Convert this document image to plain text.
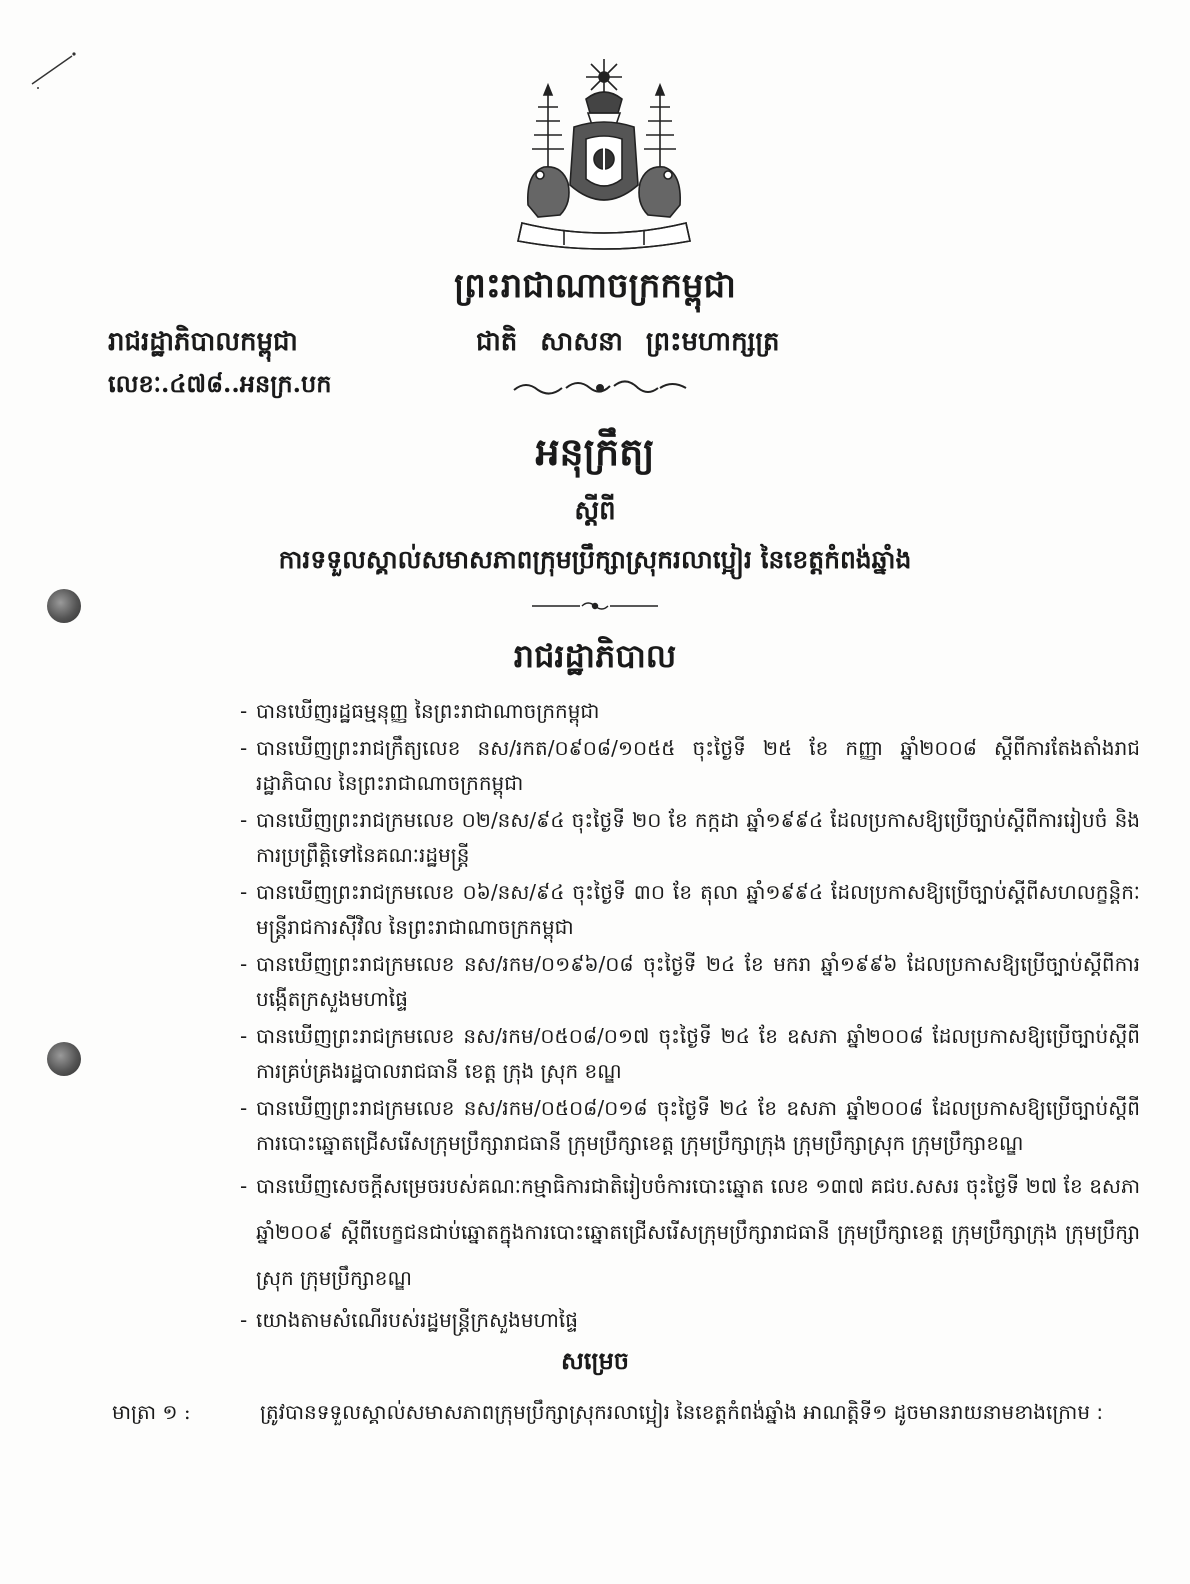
ព្រះរាជាណាចក្រកម្ពុជា
រាជរដ្ឋាភិបាលកម្ពុជា	ជាតិ សាសនា ព្រះមហាក្សត្រ
លេខៈ.៤៧៨..អនក្រ.បក
អនុក្រឹត្យ
ស្ដីពី
ការទទួលស្គាល់សមាសភាពក្រុមប្រឹក្សាស្រុករលាប្អៀរ នៃខេត្តកំពង់ឆ្នាំង
រាជរដ្ឋាភិបាល
- បានឃើញរដ្ឋធម្មនុញ្ញ នៃព្រះរាជាណាចក្រកម្ពុជា
- បានឃើញព្រះរាជក្រឹត្យលេខ នស/រកត/០៩០៨/១០៥៥ ចុះថ្ងៃទី ២៥ ខែ កញ្ញា ឆ្នាំ២០០៨ ស្ដីពីការតែងតាំងរាជរដ្ឋាភិបាល នៃព្រះរាជាណាចក្រកម្ពុជា
- បានឃើញព្រះរាជក្រមលេខ ០២/នស/៩៤ ចុះថ្ងៃទី ២០ ខែ កក្កដា ឆ្នាំ១៩៩៤ ដែលប្រកាសឱ្យប្រើច្បាប់ស្ដីពីការរៀបចំ និងការប្រព្រឹត្តិទៅនៃគណៈរដ្ឋមន្ត្រី
- បានឃើញព្រះរាជក្រមលេខ ០៦/នស/៩៤ ចុះថ្ងៃទី ៣០ ខែ តុលា ឆ្នាំ១៩៩៤ ដែលប្រកាសឱ្យប្រើច្បាប់ស្ដីពីសហលក្ខន្តិកៈមន្ត្រីរាជការស៊ីវិល នៃព្រះរាជាណាចក្រកម្ពុជា
- បានឃើញព្រះរាជក្រមលេខ នស/រកម/០១៩៦/០៨ ចុះថ្ងៃទី ២៤ ខែ មករា ឆ្នាំ១៩៩៦ ដែលប្រកាសឱ្យប្រើច្បាប់ស្ដីពីការបង្កើតក្រសួងមហាផ្ទៃ
- បានឃើញព្រះរាជក្រមលេខ នស/រកម/០៥០៨/០១៧ ចុះថ្ងៃទី ២៤ ខែ ឧសភា ឆ្នាំ២០០៨ ដែលប្រកាសឱ្យប្រើច្បាប់ស្ដីពីការគ្រប់គ្រងរដ្ឋបាលរាជធានី ខេត្ត ក្រុង ស្រុក ខណ្ឌ
- បានឃើញព្រះរាជក្រមលេខ នស/រកម/០៥០៨/០១៨ ចុះថ្ងៃទី ២៤ ខែ ឧសភា ឆ្នាំ២០០៨ ដែលប្រកាសឱ្យប្រើច្បាប់ស្ដីពីការបោះឆ្នោតជ្រើសរើសក្រុមប្រឹក្សារាជធានី ក្រុមប្រឹក្សាខេត្ត ក្រុមប្រឹក្សាក្រុង ក្រុមប្រឹក្សាស្រុក ក្រុមប្រឹក្សាខណ្ឌ
- បានឃើញសេចក្ដីសម្រេចរបស់គណៈកម្មាធិការជាតិរៀបចំការបោះឆ្នោត លេខ ១៣៧ គជប.សសរ ចុះថ្ងៃទី ២៧ ខែ ឧសភា ឆ្នាំ២០០៩ ស្ដីពីបេក្ខជនជាប់ឆ្នោតក្នុងការបោះឆ្នោតជ្រើសរើសក្រុមប្រឹក្សារាជធានី ក្រុមប្រឹក្សាខេត្ត ក្រុមប្រឹក្សាក្រុង ក្រុមប្រឹក្សាស្រុក ក្រុមប្រឹក្សាខណ្ឌ
- យោងតាមសំណើរបស់រដ្ឋមន្ត្រីក្រសួងមហាផ្ទៃ
សម្រេច
មាត្រា ១ :	ត្រូវបានទទួលស្គាល់សមាសភាពក្រុមប្រឹក្សាស្រុករលាប្អៀរ នៃខេត្តកំពង់ឆ្នាំង អាណត្តិទី១ ដូចមានរាយនាមខាងក្រោម :
